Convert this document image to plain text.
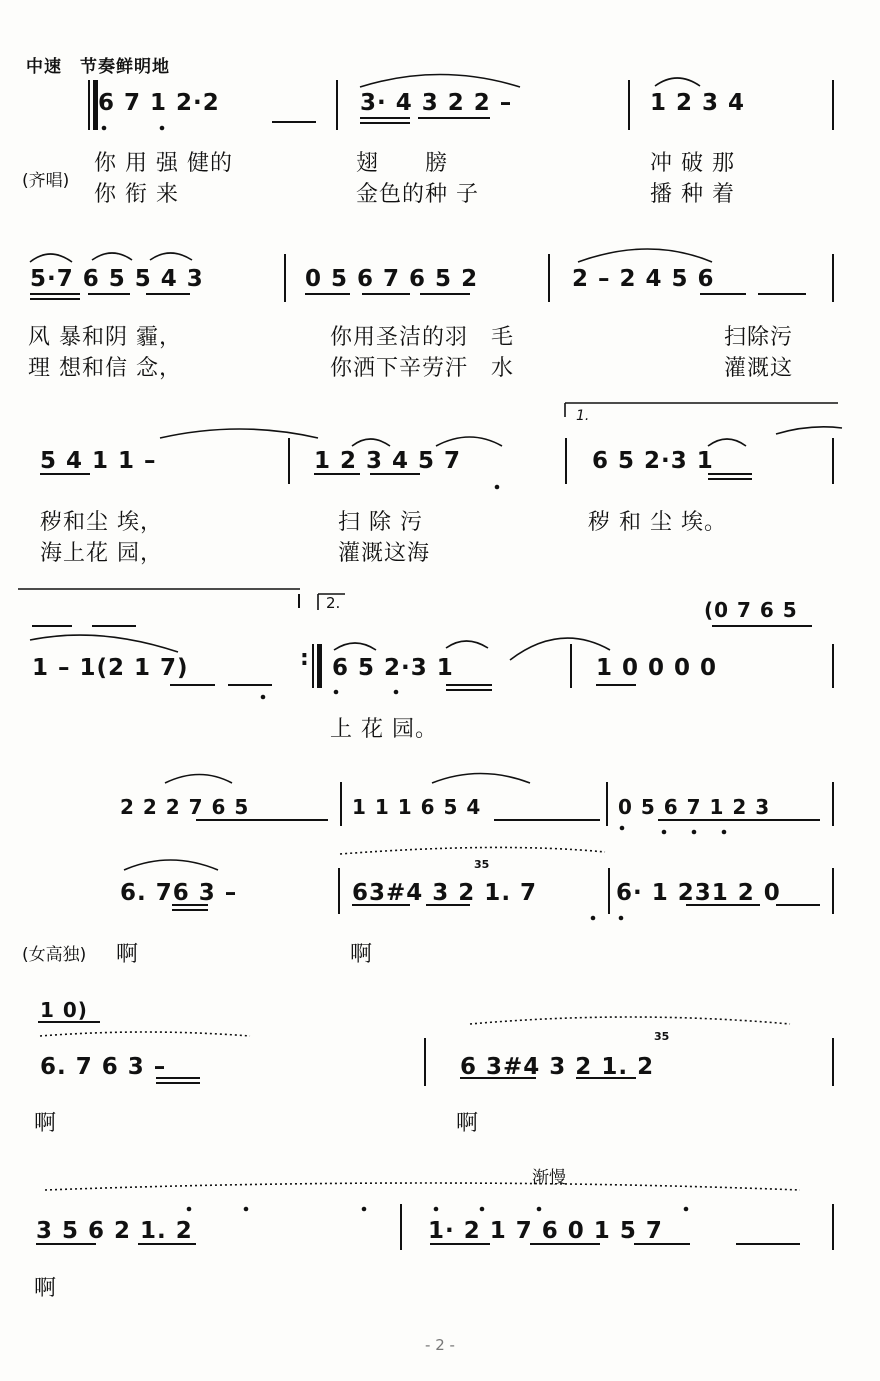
中速　节奏鲜明地
6 7 1 2·2	3· 4 3 2 2 –	1 2 3 4
(齐唱)
你 用 强 健的	翅　　膀	冲 破 那
你 衔 来	金色的种 子	播 种 着
5·7 6 5 5 4 3	0 5 6 7 6 5 2	2 – 2 4 5 6
风 暴和阴 霾，	你用圣洁的羽　毛	扫除污
理 想和信 念，	你洒下辛劳汗　水	灌溉这
1.
5 4 1 1 –	1 2 3 4 5 7	6 5 2·3 1
秽和尘 埃，	扫 除 污	秽 和 尘 埃。
海上花 园，	灌溉这海
2.	(0 7 6 5
1 – 1(2 1 7)	: 6 5 2·3 1	1 0 0 0 0
上 花 园。
2 2 2 7 6 5	1 1 1 6 5 4	0 5 6 7 1 2 3
6. 76 3 –	63#4 3 2 1. 7
35
6· 1 231 2 0
(女高独) 啊	啊
1 0)
6. 7 6 3 –	6 3#4 3 2 1. 2
35
啊	啊
渐慢
3 5 6 2 1. 2	1· 2 1 7 6 0 1 5 7
啊
- 2 -
